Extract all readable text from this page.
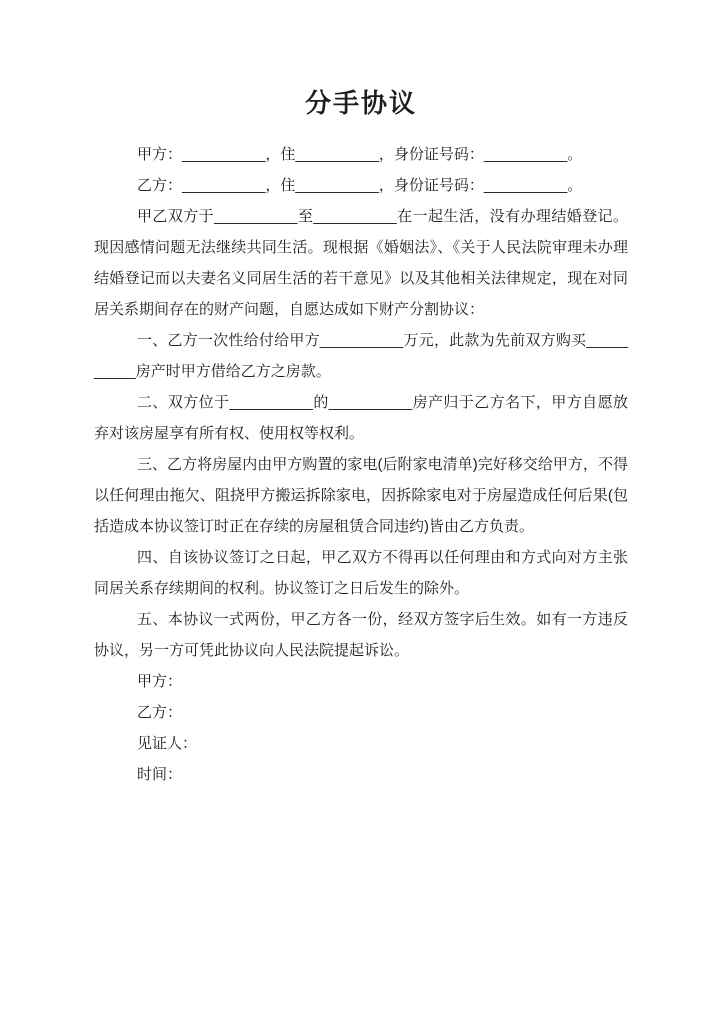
分手协议

甲方：__________，住__________，身份证号码：__________。

乙方：__________，住__________，身份证号码：__________。

甲乙双方于__________至__________在一起生活，没有办理结婚登记。现因感情问题无法继续共同生活。现根据《婚姻法》、《关于人民法院审理未办理结婚登记而以夫妻名义同居生活的若干意见》以及其他相关法律规定，现在对同居关系期间存在的财产问题，自愿达成如下财产分割协议：

一、乙方一次性给付给甲方__________万元，此款为先前双方购买__________房产时甲方借给乙方之房款。

二、双方位于__________的__________房产归于乙方名下，甲方自愿放弃对该房屋享有所有权、使用权等权利。

三、乙方将房屋内由甲方购置的家电(后附家电清单)完好移交给甲方，不得以任何理由拖欠、阻挠甲方搬运拆除家电，因拆除家电对于房屋造成任何后果(包括造成本协议签订时正在存续的房屋租赁合同违约)皆由乙方负责。

四、自该协议签订之日起，甲乙双方不得再以任何理由和方式向对方主张同居关系存续期间的权利。协议签订之日后发生的除外。

五、本协议一式两份，甲乙方各一份，经双方签字后生效。如有一方违反协议，另一方可凭此协议向人民法院提起诉讼。

甲方：

乙方：

见证人：

时间：
